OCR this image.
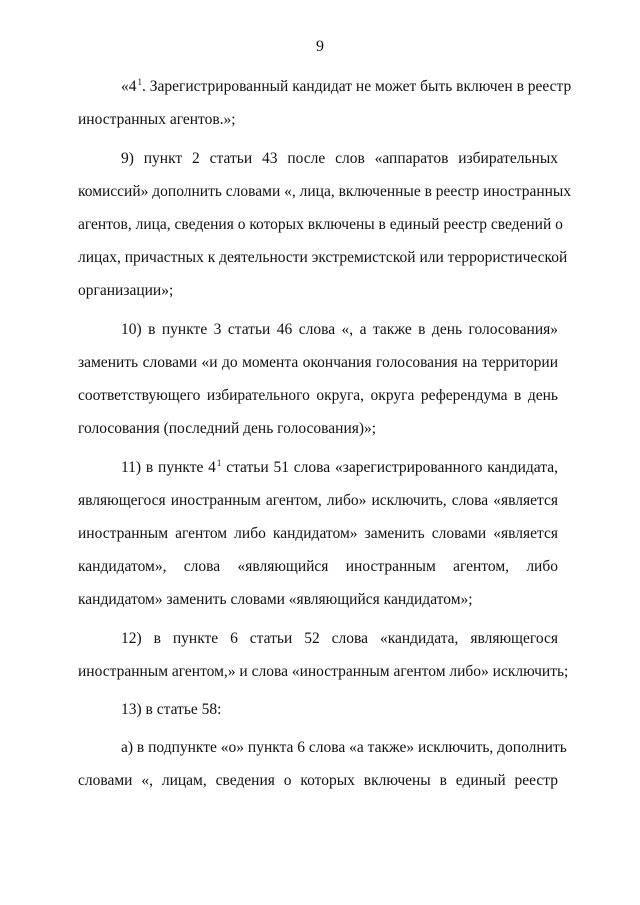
9
«$4^1$. Зарегистрированный кандидат не может быть включен в реестр
иностранных агентов.»;
9) пункт 2 статьи 43 после слов «аппаратов избирательных
комиссий» дополнить словами «, лица, включенные в реестр иностранных
агентов, лица, сведения о которых включены в единый реестр сведений о
лицах, причастных к деятельности экстремистской или террористической
организации»;
10) в пункте 3 статьи 46 слова «, а также в день голосования»
заменить словами «и до момента окончания голосования на территории
соответствующего избирательного округа, округа референдума в день
голосования (последний день голосования)»;
11) в пункте $4^1$ статьи 51 слова «зарегистрированного кандидата,
являющегося иностранным агентом, либо» исключить, слова «является
иностранным агентом либо кандидатом» заменить словами «является
кандидатом», слова «являющийся иностранным агентом, либо
кандидатом» заменить словами «являющийся кандидатом»;
12) в пункте 6 статьи 52 слова «кандидата, являющегося
иностранным агентом,» и слова «иностранным агентом либо» исключить;
13) в статье 58:
а) в подпункте «о» пункта 6 слова «а также» исключить, дополнить
словами «, лицам, сведения о которых включены в единый реестр
